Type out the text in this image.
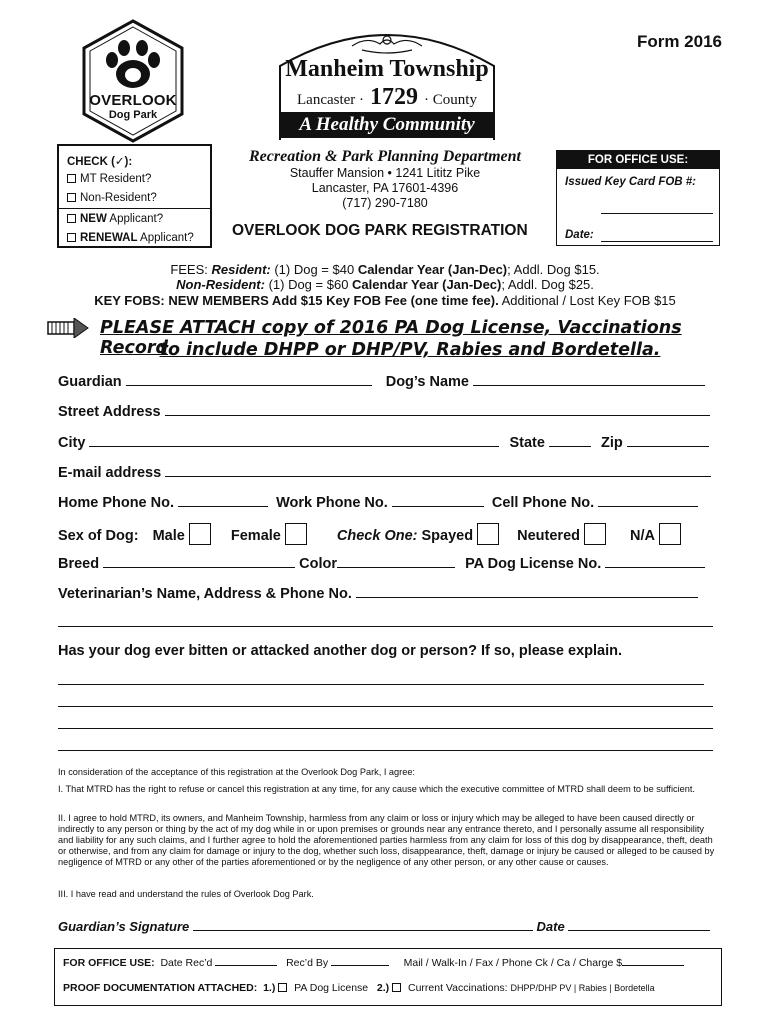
OVERLOOK
Dog Park
Manheim Township
Lancaster · 1729 · County
A Healthy Community
Form 2016
CHECK (✓):
MT Resident?
Non-Resident?
NEW Applicant?
RENEWAL Applicant?
Recreation & Park Planning Department
Stauffer Mansion • 1241 Lititz Pike
Lancaster, PA 17601-4396
(717) 290-7180
OVERLOOK DOG PARK REGISTRATION
FOR OFFICE USE:
Issued Key Card FOB #:
Date:
FEES: Resident: (1) Dog = $40 Calendar Year (Jan-Dec); Addl. Dog $15.
Non-Resident: (1) Dog = $60 Calendar Year (Jan-Dec); Addl. Dog $25.
KEY FOBS: NEW MEMBERS Add $15 Key FOB Fee (one time fee). Additional / Lost Key FOB $15
PLEASE ATTACH copy of 2016 PA Dog License, Vaccinations Record
to include DHPP or DHP/PV, Rabies and Bordetella.
Guardian	Dog’s Name
Street Address
City	State	Zip
E-mail address
Home Phone No.	Work Phone No.	Cell Phone No.
Sex of Dog: Male	Female	Check One: Spayed	Neutered	N/A
Breed	Color	PA Dog License No.
Veterinarian’s Name, Address & Phone No.
Has your dog ever bitten or attacked another dog or person? If so, please explain.
In consideration of the acceptance of this registration at the Overlook Dog Park, I agree:
I. That MTRD has the right to refuse or cancel this registration at any time, for any cause which the executive committee of MTRD shall deem to be sufficient.
II. I agree to hold MTRD, its owners, and Manheim Township, harmless from any claim or loss or injury which may be alleged to have been caused directly or indirectly to any person or thing by the act of my dog while in or upon premises or grounds near any entrance thereto, and I personally assume all responsibility and liability for any such claims, and I further agree to hold the aforementioned parties harmless from any claim for loss of this dog by disappearance, theft, death or otherwise, and from any claim for damage or injury to the dog, whether such loss, disappearance, theft, damage or injury be caused or alleged to be caused by negligence of MTRD or any other of the parties aforementioned or by the negligence of any other person, or any other cause or causes.
III. I have read and understand the rules of Overlook Dog Park.
Guardian’s Signature	Date
FOR OFFICE USE: Date Rec’d	Rec’d By	Mail / Walk-In / Fax / Phone Ck / Ca / Charge $
PROOF DOCUMENTATION ATTACHED: 1.)  PA Dog License 2.)  Current Vaccinations: DHPP/DHP PV | Rabies | Bordetella
